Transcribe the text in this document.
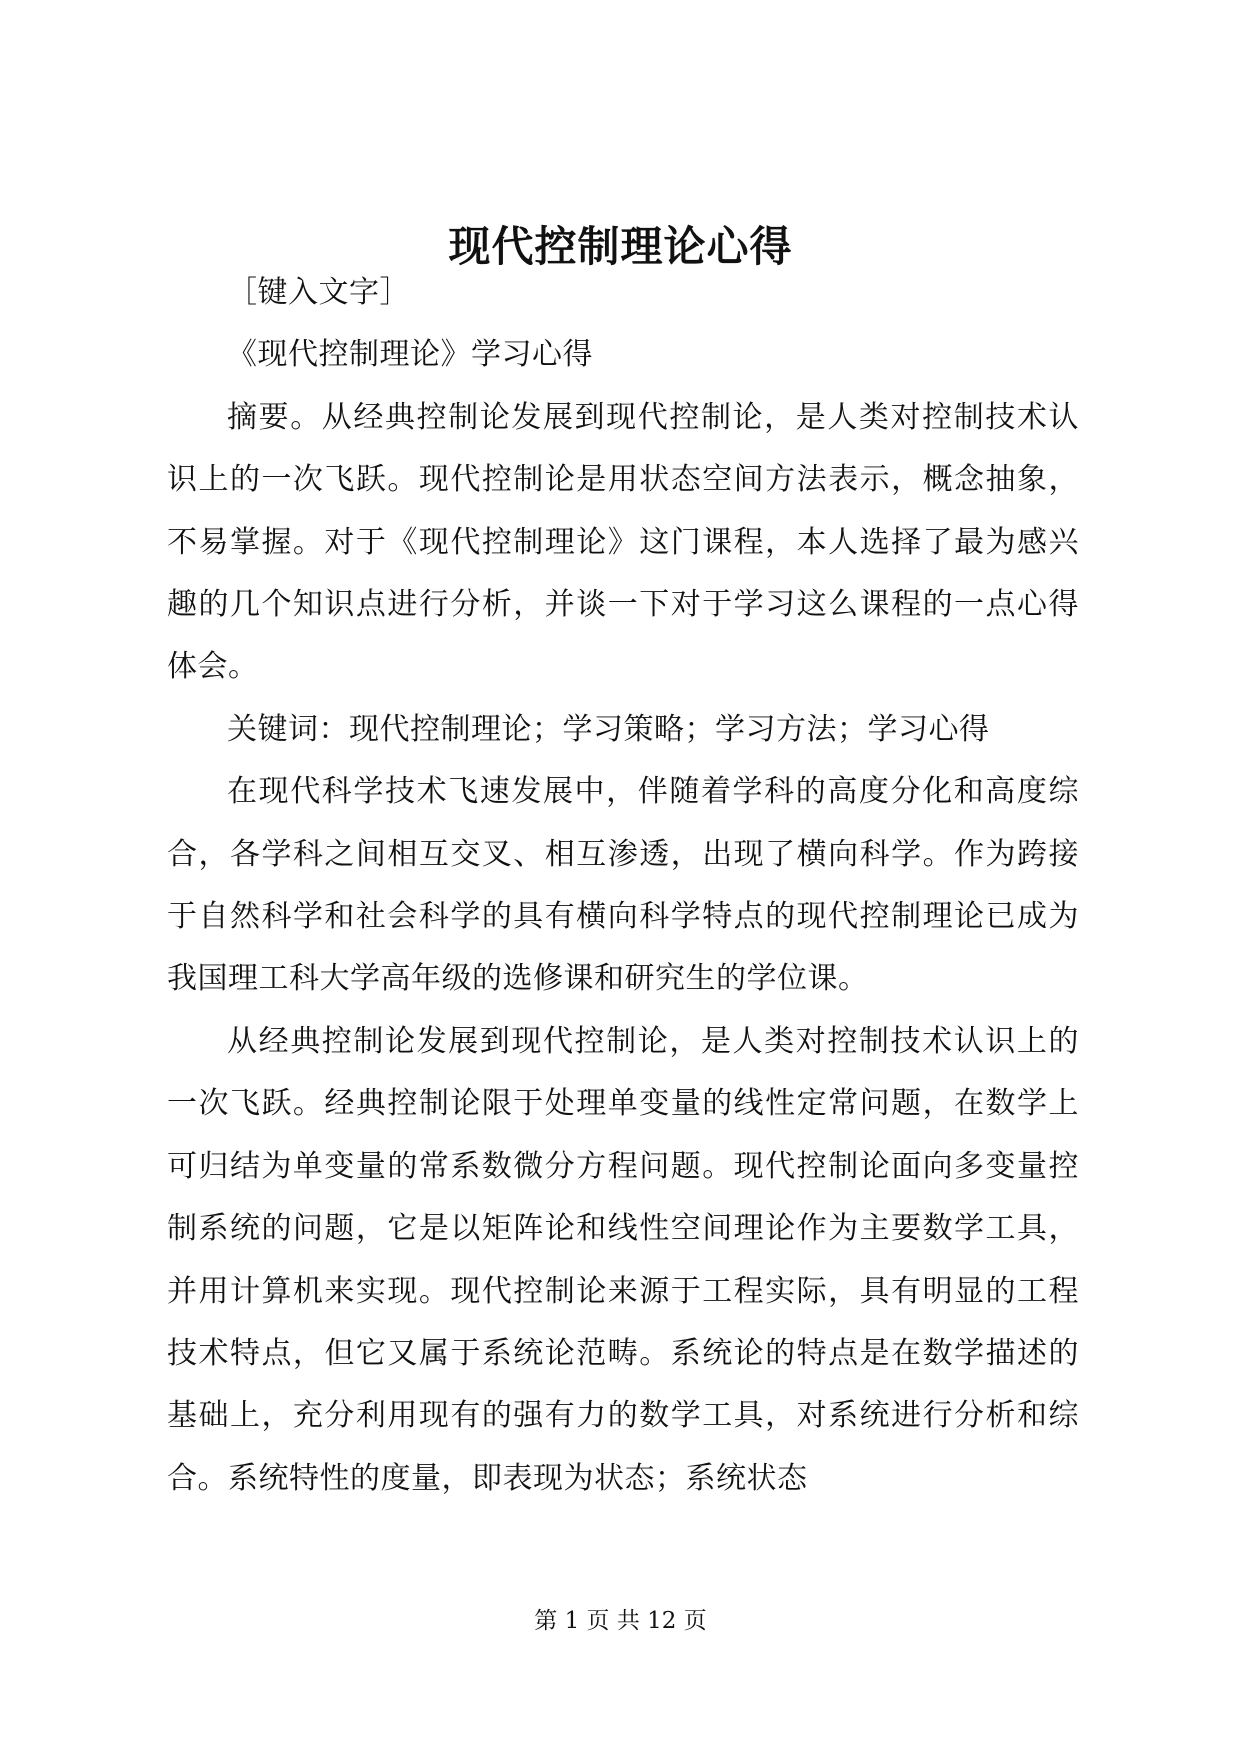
现代控制理论心得

［键入文字］

《现代控制理论》学习心得

摘要。从经典控制论发展到现代控制论，是人类对控制技术认识上的一次飞跃。现代控制论是用状态空间方法表示，概念抽象，不易掌握。对于《现代控制理论》这门课程，本人选择了最为感兴趣的几个知识点进行分析，并谈一下对于学习这么课程的一点心得体会。

关键词：现代控制理论；学习策略；学习方法；学习心得

在现代科学技术飞速发展中，伴随着学科的高度分化和高度综合，各学科之间相互交叉、相互渗透，出现了横向科学。作为跨接于自然科学和社会科学的具有横向科学特点的现代控制理论已成为我国理工科大学高年级的选修课和研究生的学位课。

从经典控制论发展到现代控制论，是人类对控制技术认识上的一次飞跃。经典控制论限于处理单变量的线性定常问题，在数学上可归结为单变量的常系数微分方程问题。现代控制论面向多变量控制系统的问题，它是以矩阵论和线性空间理论作为主要数学工具，并用计算机来实现。现代控制论来源于工程实际，具有明显的工程技术特点，但它又属于系统论范畴。系统论的特点是在数学描述的基础上，充分利用现有的强有力的数学工具，对系统进行分析和综合。系统特性的度量，即表现为状态；系统状态

第 1 页 共 12 页
